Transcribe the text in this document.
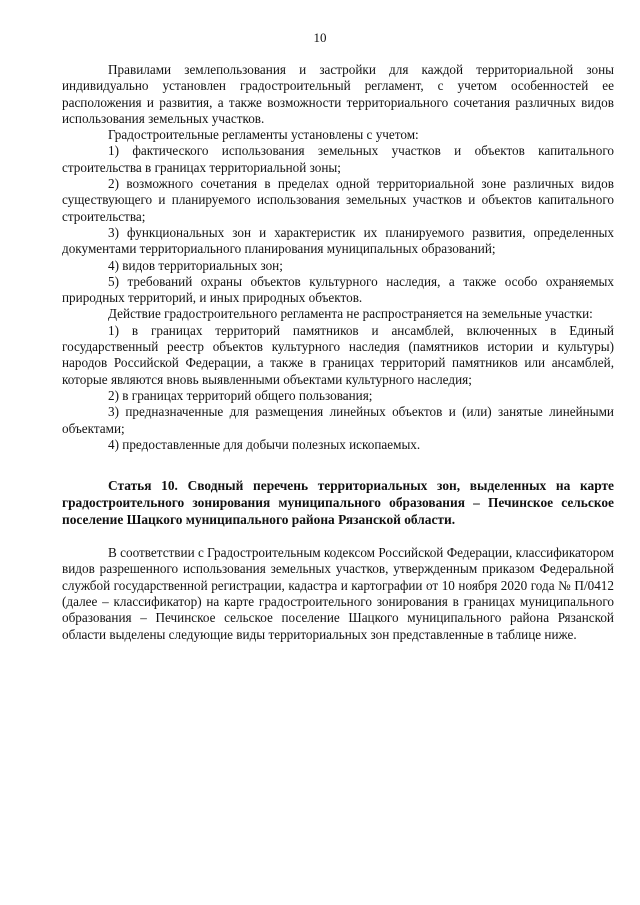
10

Правилами землепользования и застройки для каждой территориальной зоны индивидуально установлен градостроительный регламент, с учетом особенностей ее расположения и развития, а также возможности территориального сочетания различных видов использования земельных участков.

Градостроительные регламенты установлены с учетом:

1) фактического использования земельных участков и объектов капитального строительства в границах территориальной зоны;

2) возможного сочетания в пределах одной территориальной зоне различных видов существующего и планируемого использования земельных участков и объектов капитального строительства;

3) функциональных зон и характеристик их планируемого развития, определенных документами территориального планирования муниципальных образований;

4) видов территориальных зон;

5) требований охраны объектов культурного наследия, а также особо охраняемых природных территорий, и иных природных объектов.

Действие градостроительного регламента не распространяется на земельные участки:

1) в границах территорий памятников и ансамблей, включенных в Единый государственный реестр объектов культурного наследия (памятников истории и культуры) народов Российской Федерации, а также в границах территорий памятников или ансамблей, которые являются вновь выявленными объектами культурного наследия;

2) в границах территорий общего пользования;

3) предназначенные для размещения линейных объектов и (или) занятые линейными объектами;

4) предоставленные для добычи полезных ископаемых.

Статья 10. Сводный перечень территориальных зон, выделенных на карте градостроительного зонирования муниципального образования – Печинское сельское поселение Шацкого муниципального района Рязанской области.

В соответствии с Градостроительным кодексом Российской Федерации, классификатором видов разрешенного использования земельных участков, утвержденным приказом Федеральной службой государственной регистрации, кадастра и картографии от 10 ноября 2020 года № П/0412 (далее – классификатор) на карте градостроительного зонирования в границах муниципального образования – Печинское сельское поселение Шацкого муниципального района Рязанской области выделены следующие виды территориальных зон представленные в таблице ниже.
